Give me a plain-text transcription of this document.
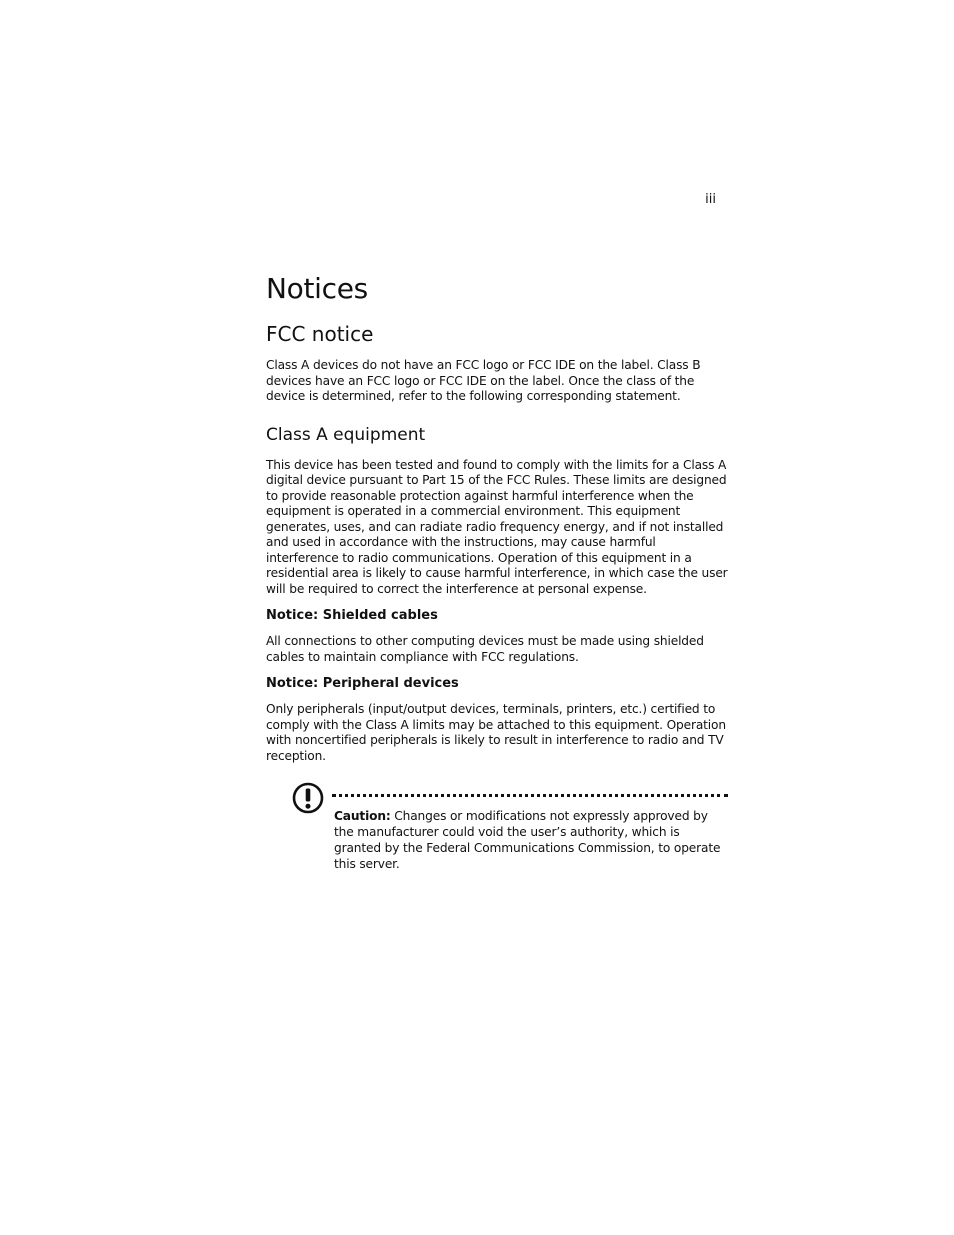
iii
Notices
FCC notice

Class A devices do not have an FCC logo or FCC IDE on the label. Class B devices have an FCC logo or FCC IDE on the label. Once the class of the device is determined, refer to the following corresponding statement.

Class A equipment

This device has been tested and found to comply with the limits for a Class A digital device pursuant to Part 15 of the FCC Rules. These limits are designed to provide reasonable protection against harmful interference when the equipment is operated in a commercial environment. This equipment generates, uses, and can radiate radio frequency energy, and if not installed and used in accordance with the instructions, may cause harmful interference to radio communications. Operation of this equipment in a residential area is likely to cause harmful interference, in which case the user will be required to correct the interference at personal expense.

Notice: Shielded cables

All connections to other computing devices must be made using shielded cables to maintain compliance with FCC regulations.

Notice: Peripheral devices

Only peripherals (input/output devices, terminals, printers, etc.) certified to comply with the Class A limits may be attached to this equipment. Operation with noncertified peripherals is likely to result in interference to radio and TV reception.

Caution: Changes or modifications not expressly approved by the manufacturer could void the user’s authority, which is granted by the Federal Communications Commission, to operate this server.
